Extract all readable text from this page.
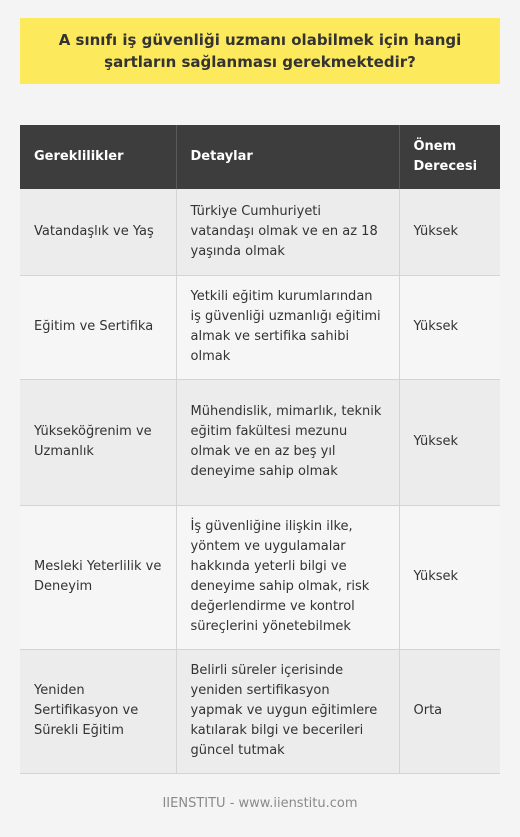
A sınıfı iş güvenliği uzmanı olabilmek için hangi şartların sağlanması gerekmektedir?
Gereklilikler	Detaylar	Önem Derecesi
Vatandaşlık ve Yaş	Türkiye Cumhuriyeti vatandaşı olmak ve en az 18 yaşında olmak	Yüksek
Eğitim ve Sertifika	Yetkili eğitim kurumlarından iş güvenliği uzmanlığı eğitimi almak ve sertifika sahibi olmak	Yüksek
Yükseköğrenim ve Uzmanlık	Mühendislik, mimarlık, teknik eğitim fakültesi mezunu olmak ve en az beş yıl deneyime sahip olmak	Yüksek
Mesleki Yeterlilik ve Deneyim	İş güvenliğine ilişkin ilke, yöntem ve uygulamalar hakkında yeterli bilgi ve deneyime sahip olmak, risk değerlendirme ve kontrol süreçlerini yönetebilmek	Yüksek
Yeniden Sertifikasyon ve Sürekli Eğitim	Belirli süreler içerisinde yeniden sertifikasyon yapmak ve uygun eğitimlere katılarak bilgi ve becerileri güncel tutmak	Orta
IIENSTITU - www.iienstitu.com
